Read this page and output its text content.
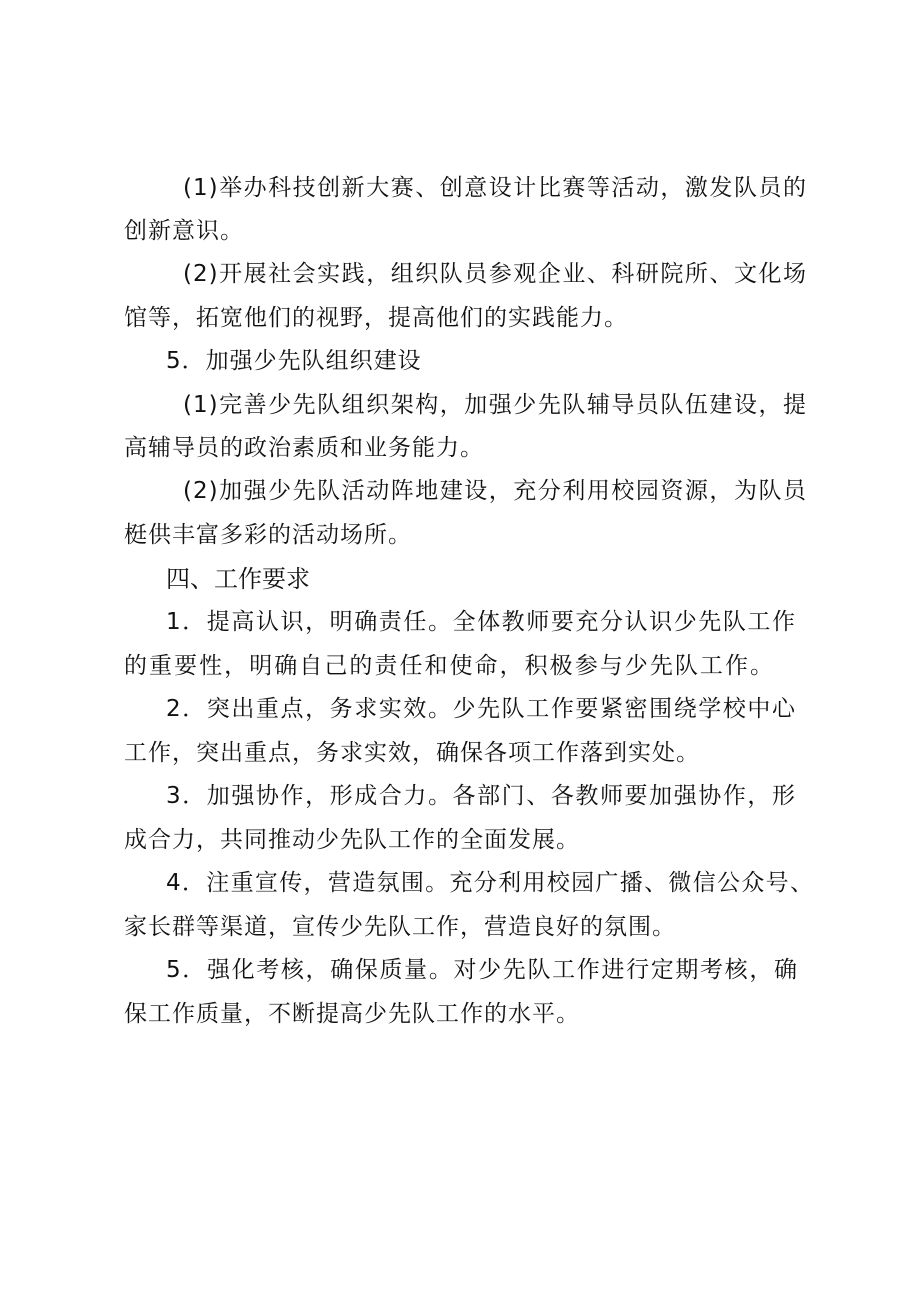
(1)举办科技创新大赛、创意设计比赛等活动，激发队员的
创新意识。
(2)开展社会实践，组织队员参观企业、科研院所、文化场
馆等，拓宽他们的视野，提高他们的实践能力。
5．加强少先队组织建设
(1)完善少先队组织架构，加强少先队辅导员队伍建设，提
高辅导员的政治素质和业务能力。
(2)加强少先队活动阵地建设，充分利用校园资源，为队员
梃供丰富多彩的活动场所。
四、工作要求
1．提高认识，明确责任。全体教师要充分认识少先队工作
的重要性，明确自己的责任和使命，积极参与少先队工作。
2．突出重点，务求实效。少先队工作要紧密围绕学校中心
工作，突出重点，务求实效，确保各项工作落到实处。
3．加强协作，形成合力。各部门、各教师要加强协作，形
成合力，共同推动少先队工作的全面发展。
4．注重宣传，营造氛围。充分利用校园广播、微信公众号、
家长群等渠道，宣传少先队工作，营造良好的氛围。
5．强化考核，确保质量。对少先队工作进行定期考核，确
保工作质量，不断提高少先队工作的水平。
